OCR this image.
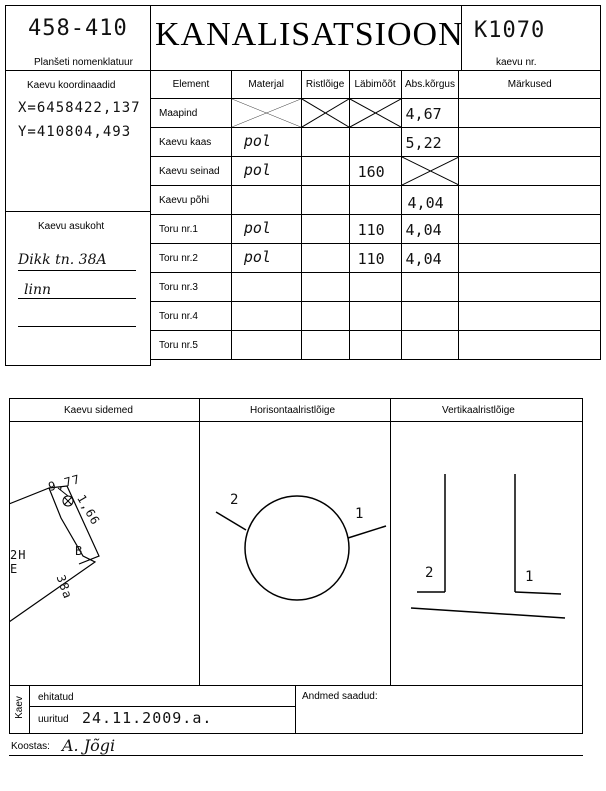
458-410
Planšeti nomenklatuur
KANALISATSIOON K1070
kaevu nr.
Kaevu koordinaadid
X=6458422,137
Y=410804,493
Kaevu asukoht
Dikk tn. 38A
linn
Element	Materjal	Ristlõige	Läbimõõt	Abs.kõrgus	Märkused
Maapind				4,67	

Kaevu kaas	pol			5,22	

Kaevu seinad	pol		160

Kaevu põhi				4,04	

Toru nr.1	pol		110	4,04	

Toru nr.2	pol		110	4,04	

Toru nr.3					
Toru nr.4					
Toru nr.5					
Kaevu sidemed	Horisontaalristlõige	Vertikaalristlõige
9,77
1,66
B
2H E
38a
2
1
2	1
Kaev ehitatud
uuritud 24.11.2009.a.
Andmed saadud:
Koostas: A. Jõgi
